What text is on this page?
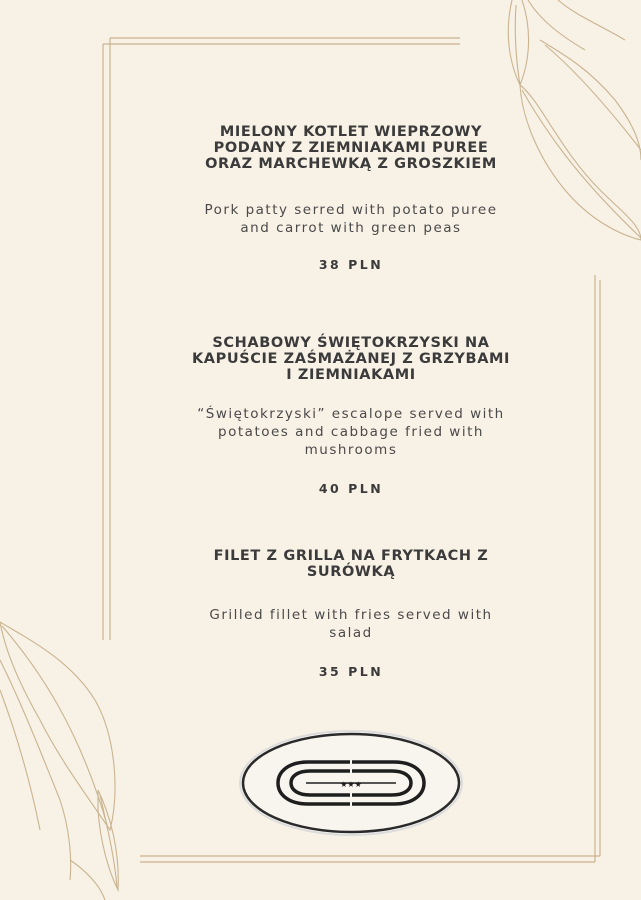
MIELONY KOTLET WIEPRZOWY PODANY Z ZIEMNIAKAMI PUREE ORAZ MARCHEWKĄ Z GROSZKIEM

Pork patty serred with potato puree and carrot with green peas

38 PLN

SCHABOWY ŚWIĘTOKRZYSKI NA KAPUŚCIE ZAŚMAŻANEJ Z GRZYBAMI I ZIEMNIAKAMI

“Świętokrzyski” escalope served with potatoes and cabbage fried with mushrooms

40 PLN

FILET Z GRILLA NA FRYTKACH Z SURÓWKĄ

Grilled fillet with fries served with salad

35 PLN

★★★
